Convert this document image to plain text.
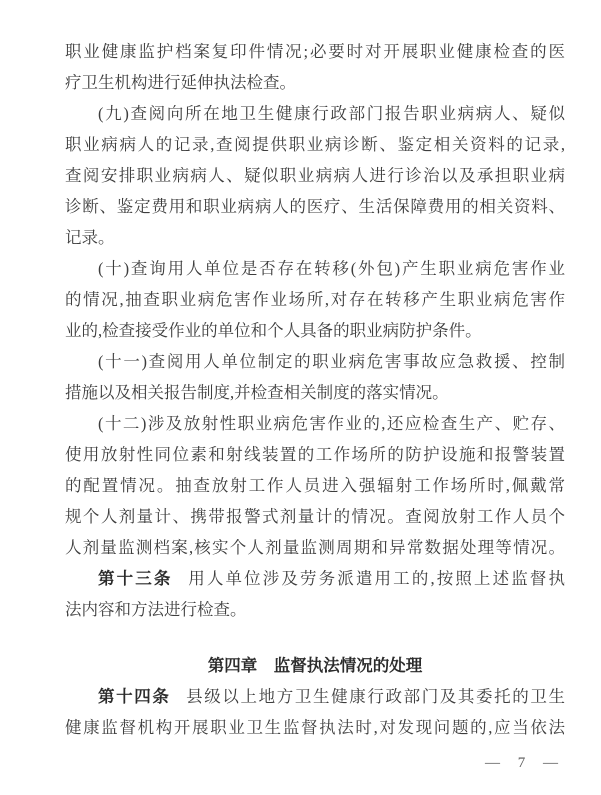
职业健康监护档案复印件情况;必要时对开展职业健康检查的医
疗卫生机构进行延伸执法检查。
(九)查阅向所在地卫生健康行政部门报告职业病病人、疑似
职业病病人的记录,查阅提供职业病诊断、鉴定相关资料的记录,
查阅安排职业病病人、疑似职业病病人进行诊治以及承担职业病
诊断、鉴定费用和职业病病人的医疗、生活保障费用的相关资料、
记录。
(十)查询用人单位是否存在转移(外包)产生职业病危害作业
的情况,抽查职业病危害作业场所,对存在转移产生职业病危害作
业的,检查接受作业的单位和个人具备的职业病防护条件。
(十一)查阅用人单位制定的职业病危害事故应急救援、控制
措施以及相关报告制度,并检查相关制度的落实情况。
(十二)涉及放射性职业病危害作业的,还应检查生产、贮存、
使用放射性同位素和射线装置的工作场所的防护设施和报警装置
的配置情况。抽查放射工作人员进入强辐射工作场所时,佩戴常
规个人剂量计、携带报警式剂量计的情况。查阅放射工作人员个
人剂量监测档案,核实个人剂量监测周期和异常数据处理等情况。
第十三条 用人单位涉及劳务派遣用工的,按照上述监督执
法内容和方法进行检查。
第四章 监督执法情况的处理
第十四条 县级以上地方卫生健康行政部门及其委托的卫生
健康监督机构开展职业卫生监督执法时,对发现问题的,应当依法
— 7 —
